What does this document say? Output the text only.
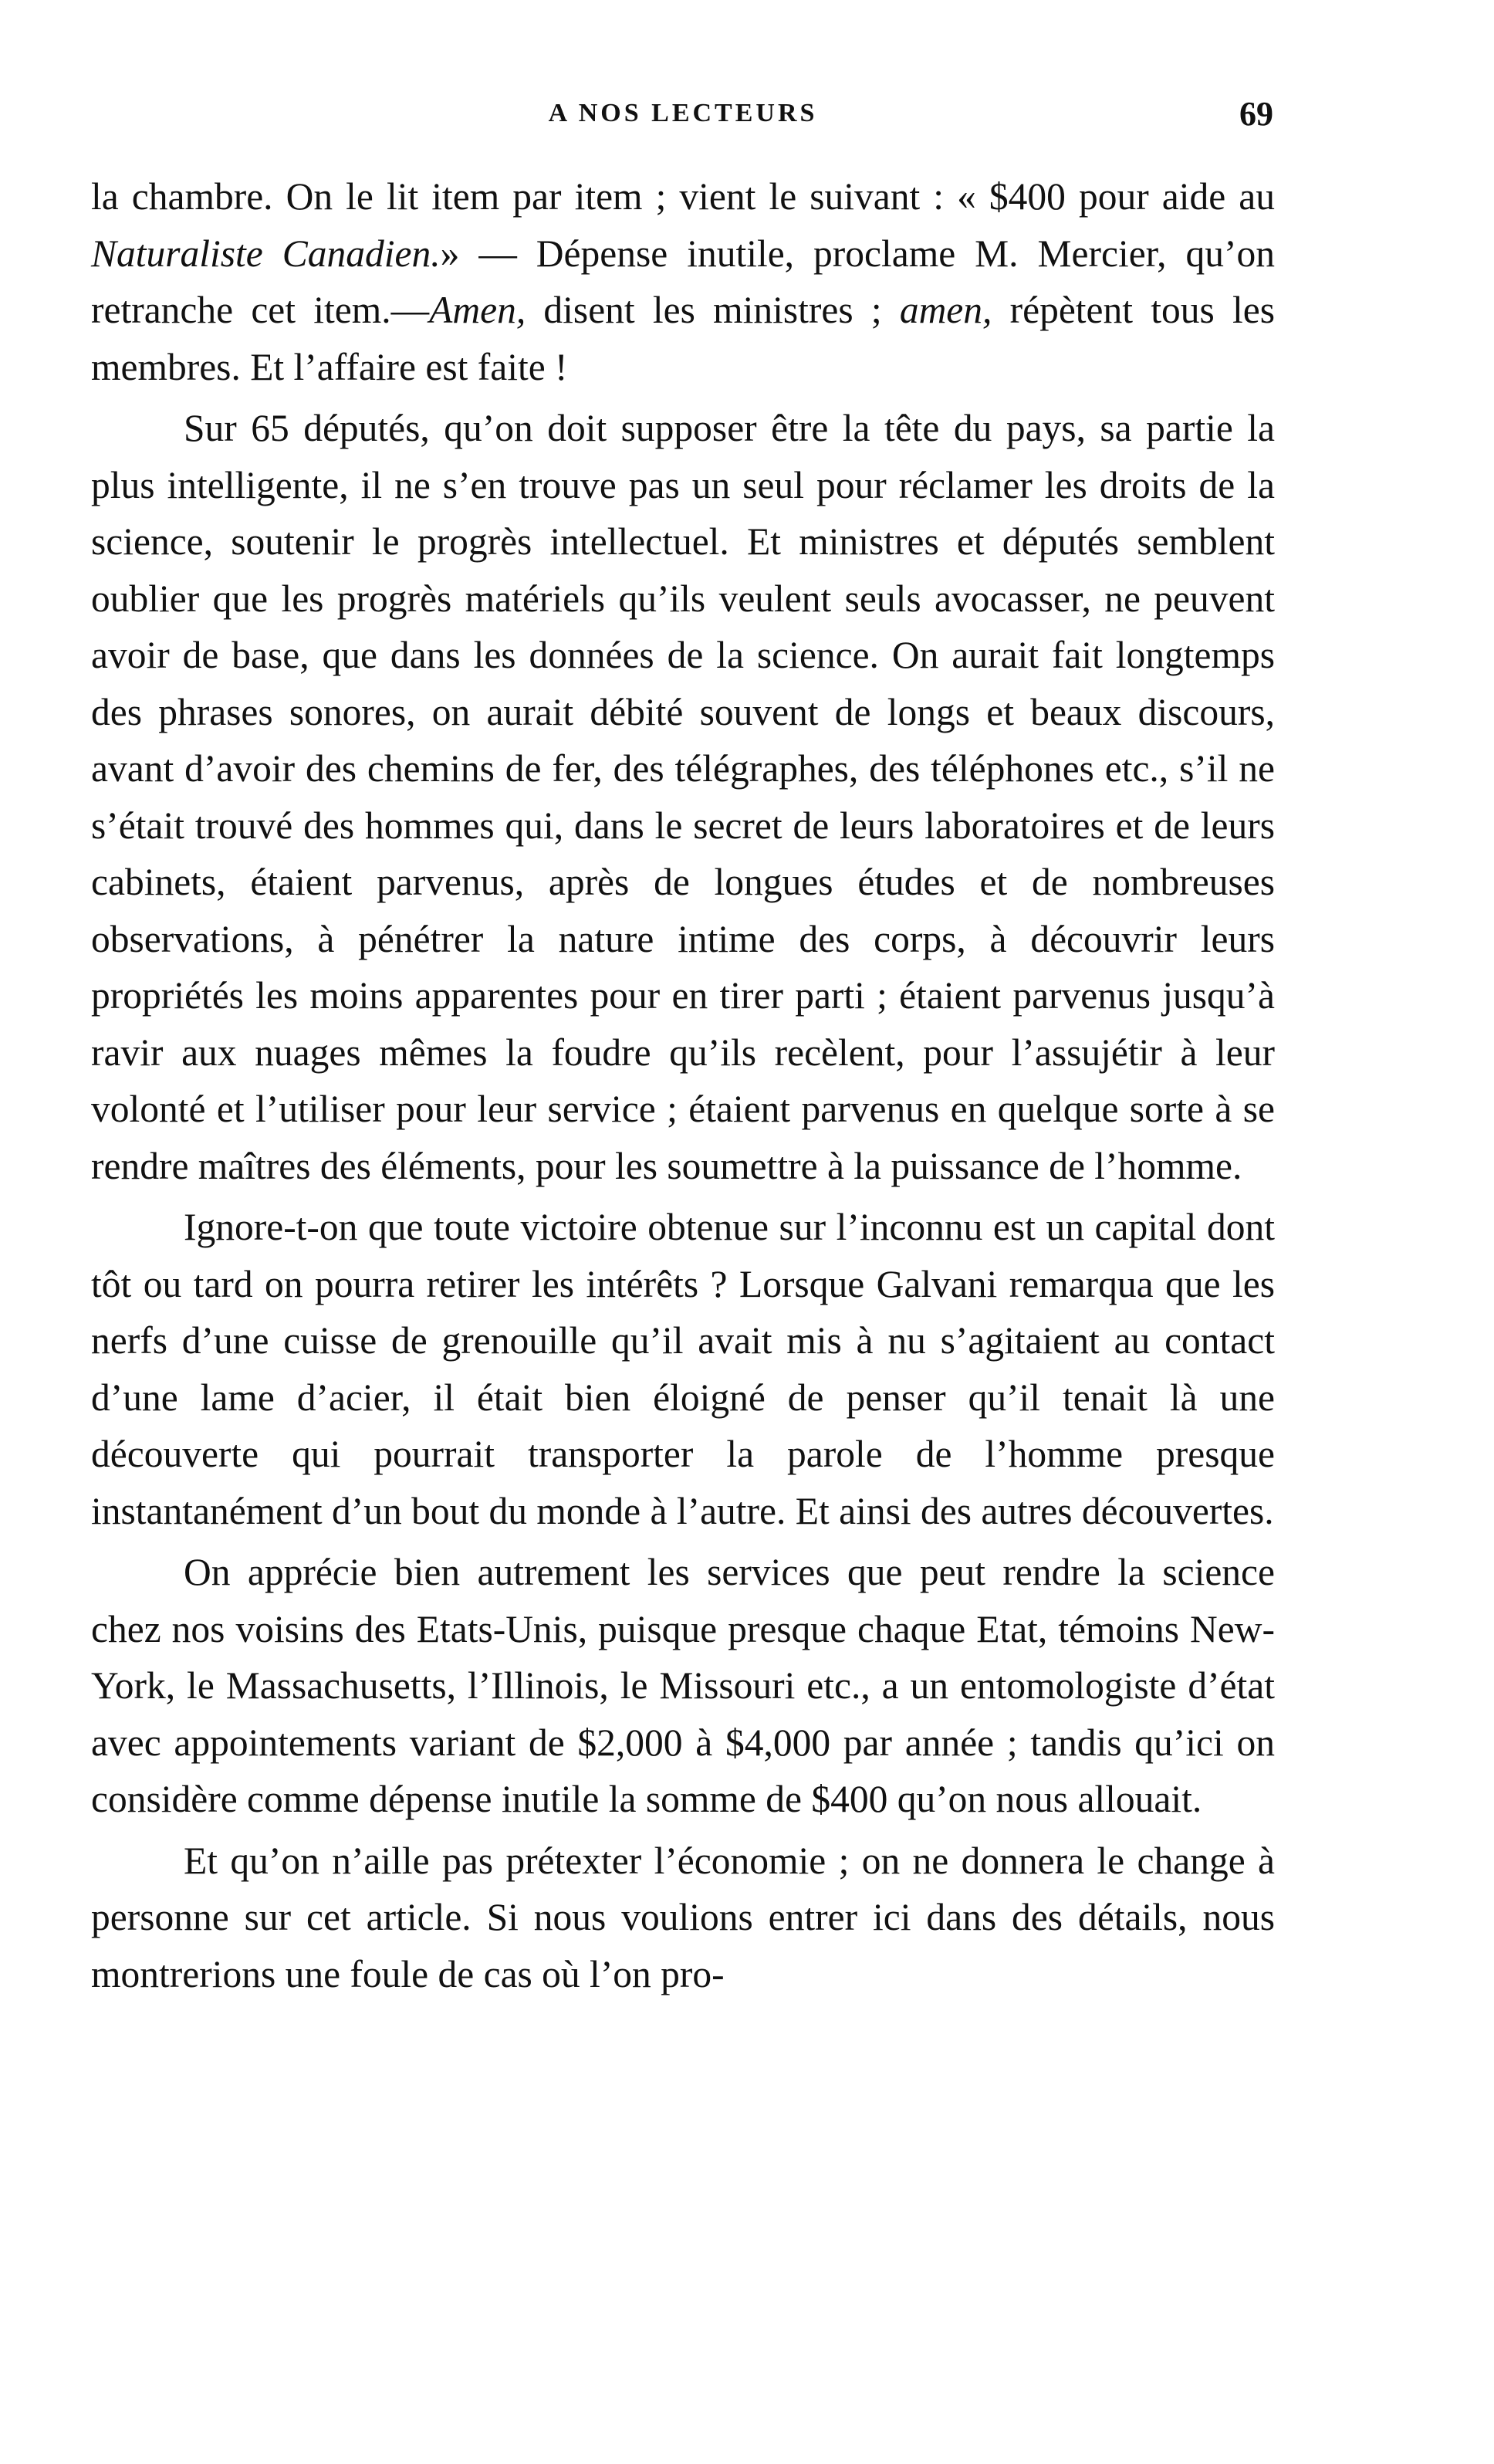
A NOS LECTEURS	69

la chambre. On le lit item par item ; vient le suivant : « $400 pour aide au Naturaliste Canadien.» — Dépense inutile, proclame M. Mercier, qu’on retranche cet item.—Amen, disent les ministres ; amen, répètent tous les membres. Et l’affaire est faite !

Sur 65 députés, qu’on doit supposer être la tête du pays, sa partie la plus intelligente, il ne s’en trouve pas un seul pour réclamer les droits de la science, soutenir le progrès intellectuel. Et ministres et députés semblent oublier que les progrès matériels qu’ils veulent seuls avocasser, ne peuvent avoir de base, que dans les données de la science. On aurait fait longtemps des phrases sonores, on aurait débité souvent de longs et beaux discours, avant d’avoir des chemins de fer, des télégraphes, des téléphones etc., s’il ne s’était trouvé des hommes qui, dans le secret de leurs laboratoires et de leurs cabinets, étaient parvenus, après de longues études et de nombreuses observations, à pénétrer la nature intime des corps, à découvrir leurs propriétés les moins apparentes pour en tirer parti ; étaient parvenus jusqu’à ravir aux nuages mêmes la foudre qu’ils recèlent, pour l’assujétir à leur volonté et l’utiliser pour leur service ; étaient parvenus en quelque sorte à se rendre maîtres des éléments, pour les soumettre à la puissance de l’homme.

Ignore-t-on que toute victoire obtenue sur l’inconnu est un capital dont tôt ou tard on pourra retirer les intérêts ? Lorsque Galvani remarqua que les nerfs d’une cuisse de grenouille qu’il avait mis à nu s’agitaient au contact d’une lame d’acier, il était bien éloigné de penser qu’il tenait là une découverte qui pourrait transporter la parole de l’homme presque instantanément d’un bout du monde à l’autre. Et ainsi des autres découvertes.

On apprécie bien autrement les services que peut rendre la science chez nos voisins des Etats-Unis, puisque presque chaque Etat, témoins New-York, le Massachusetts, l’Illinois, le Missouri etc., a un entomologiste d’état avec appointements variant de $2,000 à $4,000 par année ; tandis qu’ici on considère comme dépense inutile la somme de $400 qu’on nous allouait.

Et qu’on n’aille pas prétexter l’économie ; on ne donnera le change à personne sur cet article. Si nous voulions entrer ici dans des détails, nous montrerions une foule de cas où l’on pro-
